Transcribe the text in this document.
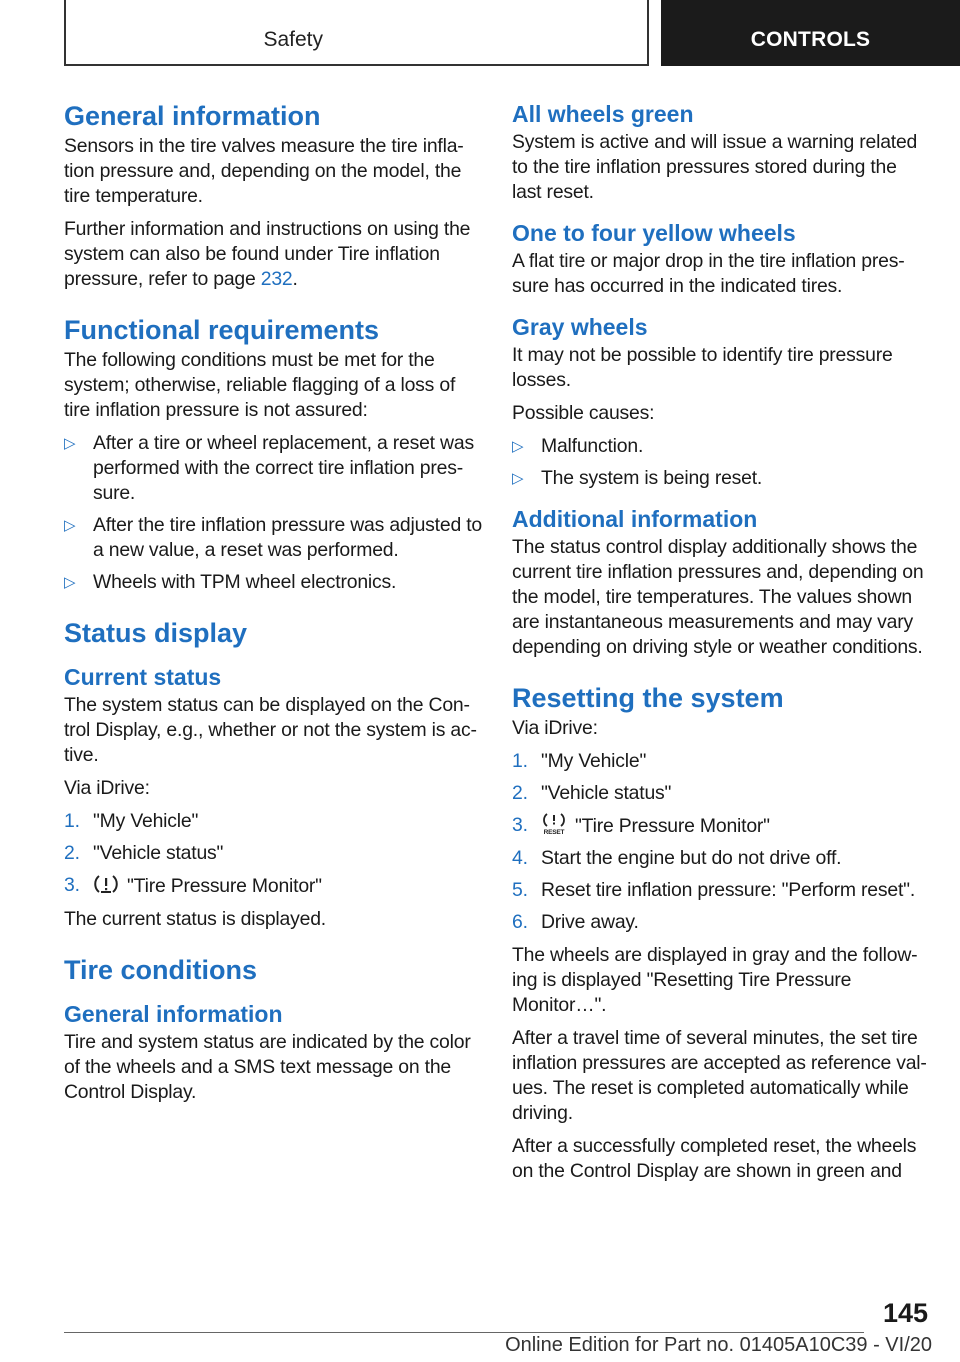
Safety	CONTROLS
General information

Sensors in the tire valves measure the tire inflation pressure and, depending on the model, the tire temperature.

Further information and instructions on using the system can also be found under Tire inflation pressure, refer to page 232.

Functional requirements

The following conditions must be met for the system; otherwise, reliable flagging of a loss of tire inflation pressure is not assured:

▷ After a tire or wheel replacement, a reset was performed with the correct tire inflation pressure.
▷ After the tire inflation pressure was adjusted to a new value, a reset was performed.
▷ Wheels with TPM wheel electronics.
Status display
Current status

The system status can be displayed on the Control Display, e.g., whether or not the system is active.

Via iDrive:

1. "My Vehicle"
2. "Vehicle status"
3.	"Tire Pressure Monitor"

The current status is displayed.

Tire conditions
General information

Tire and system status are indicated by the color of the wheels and a SMS text message on the Control Display.

All wheels green

System is active and will issue a warning related to the tire inflation pressures stored during the last reset.

One to four yellow wheels

A flat tire or major drop in the tire inflation pressure has occurred in the indicated tires.

Gray wheels

It may not be possible to identify tire pressure losses.

Possible causes:

▷ Malfunction.
▷ The system is being reset.
Additional information

The status control display additionally shows the current tire inflation pressures and, depending on the model, tire temperatures. The values shown are instantaneous measurements and may vary depending on driving style or weather conditions.

Resetting the system

Via iDrive:

1. "My Vehicle"
2. "Vehicle status"
3.	RESET "Tire Pressure Monitor"
4. Start the engine but do not drive off.
5. Reset tire inflation pressure: "Perform reset".
6. Drive away.

The wheels are displayed in gray and the following is displayed "Resetting Tire Pressure Monitor…".

After a travel time of several minutes, the set tire inflation pressures are accepted as reference values. The reset is completed automatically while driving.

After a successfully completed reset, the wheels on the Control Display are shown in green and

145
Online Edition for Part no. 01405A10C39 - VI/20
